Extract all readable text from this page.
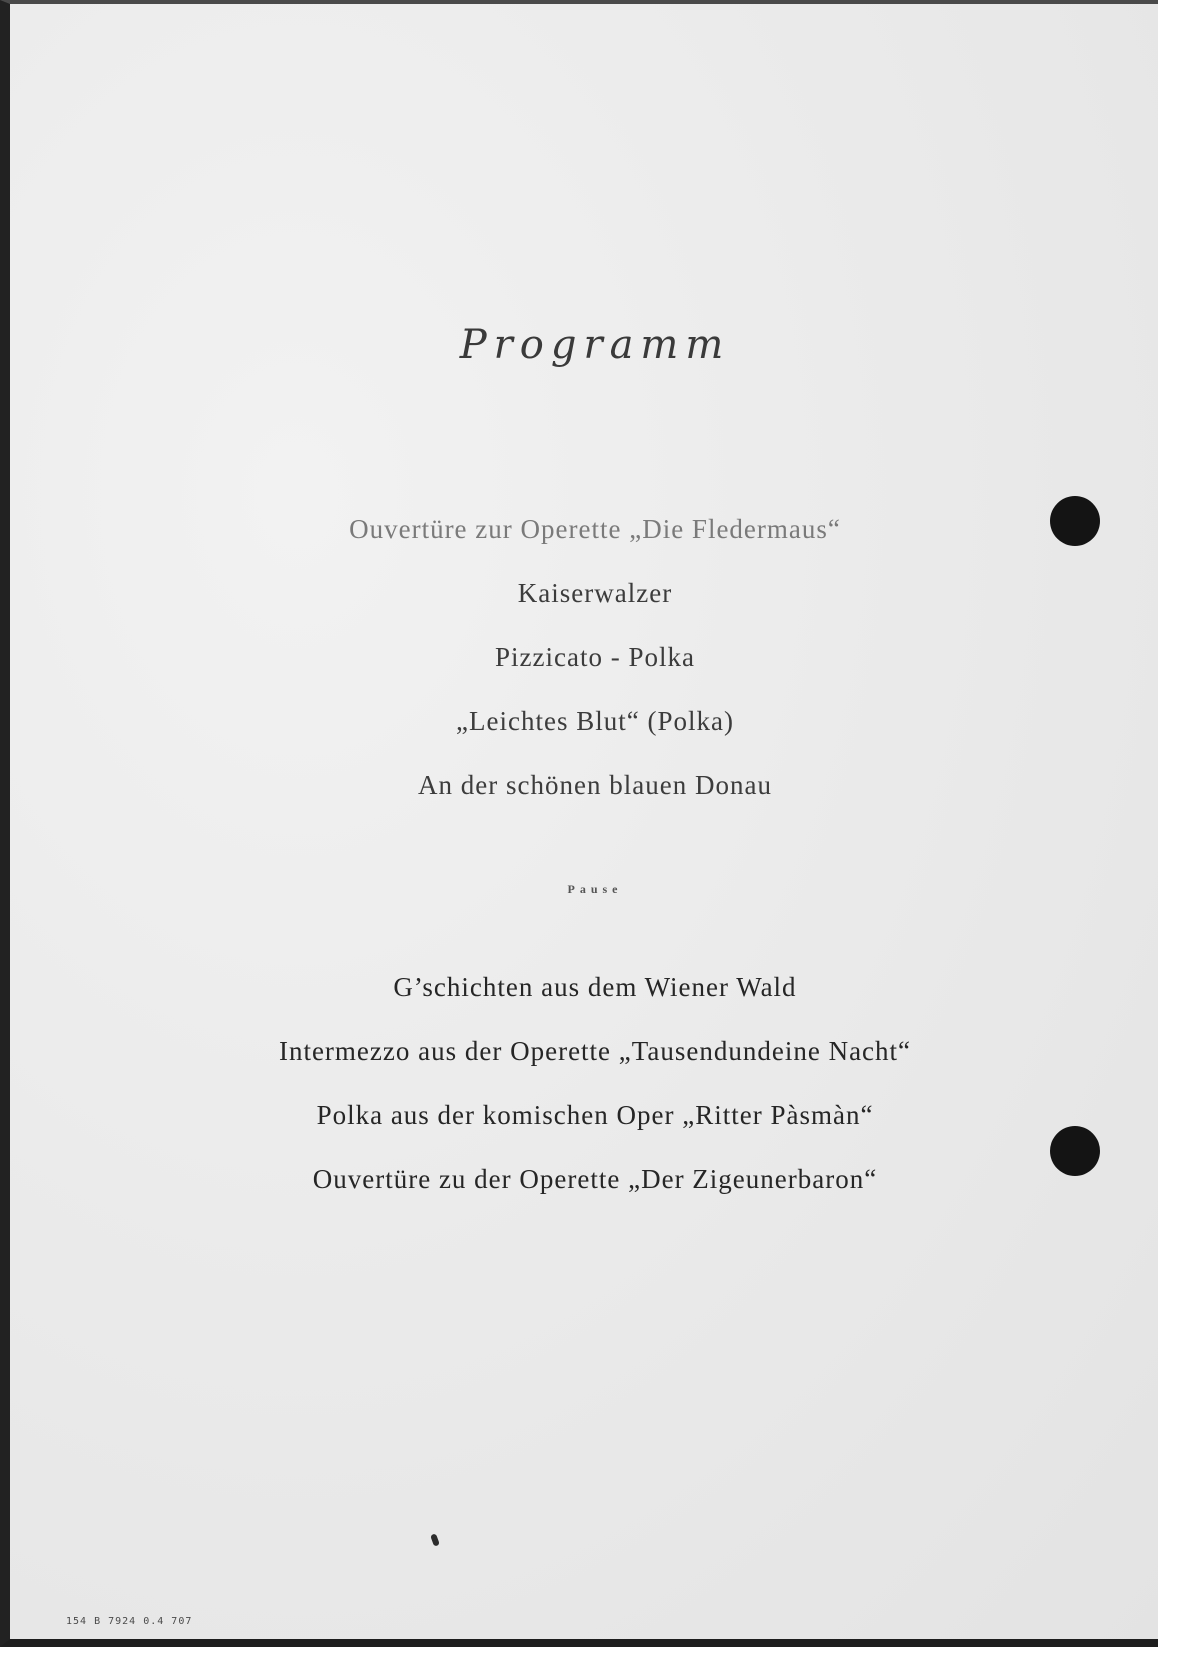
Programm
Ouvertüre zur Operette „Die Fledermaus“
Kaiserwalzer
Pizzicato - Polka
„Leichtes Blut“ (Polka)
An der schönen blauen Donau
Pause
G’schichten aus dem Wiener Wald
Intermezzo aus der Operette „Tausendundeine Nacht“
Polka aus der komischen Oper „Ritter Pàsmàn“
Ouvertüre zu der Operette „Der Zigeunerbaron“
154 B 7924 0.4 707
